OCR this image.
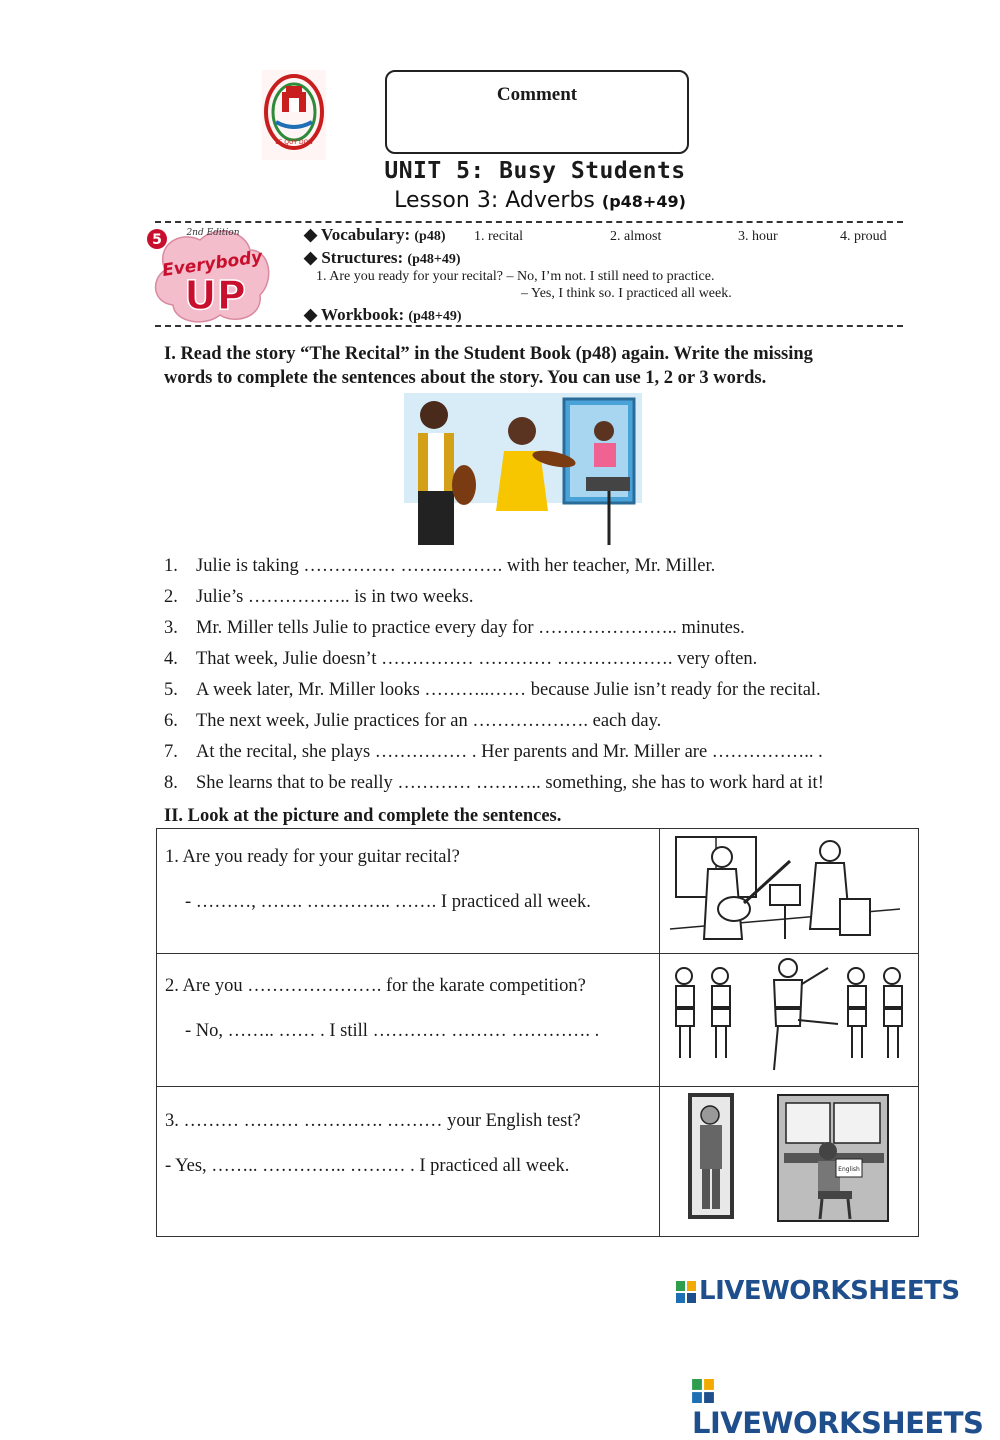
LE QUY DON
Comment
UNIT 5: Busy Students
Lesson 3: Adverbs (p48+49)
5	2nd Edition
Everybody
UP
◆ Vocabulary: (p48) 1. recital	2. almost	3. hour	4. proud
◆ Structures: (p48+49)
1. Are you ready for your recital? – No, I’m not. I still need to practice.
– Yes, I think so. I practiced all week.
◆ Workbook: (p48+49)
I. Read the story “The Recital” in the Student Book (p48) again. Write the missing
words to complete the sentences about the story. You can use 1, 2 or 3 words.
1. Julie is taking …………… …….………. with her teacher, Mr. Miller.
2. Julie’s …………….. is in two weeks.
3. Mr. Miller tells Julie to practice every day for ………………….. minutes.
4. That week, Julie doesn’t …………… ………… ………………. very often.
5. A week later, Mr. Miller looks ………..…… because Julie isn’t ready for the recital.
6. The next week, Julie practices for an ………………. each day.
7. At the recital, she plays …………… . Her parents and Mr. Miller are …………….. .
8. She learns that to be really ………… ……….. something, she has to work hard at it!
II. Look at the picture and complete the sentences.
1. Are you ready for your guitar recital?
- ………, ……. ………….. ……. I practiced all week.

2. Are you …………………. for the karate competition?
- No, …….. …… . I still ………… ……… …………. .

3. ……… ……… …………. ……… your English test?
- Yes, …….. ………….. ……… . I practiced all week.	English
LIVEWORKSHEETS
LIVEWORKSHEETS
